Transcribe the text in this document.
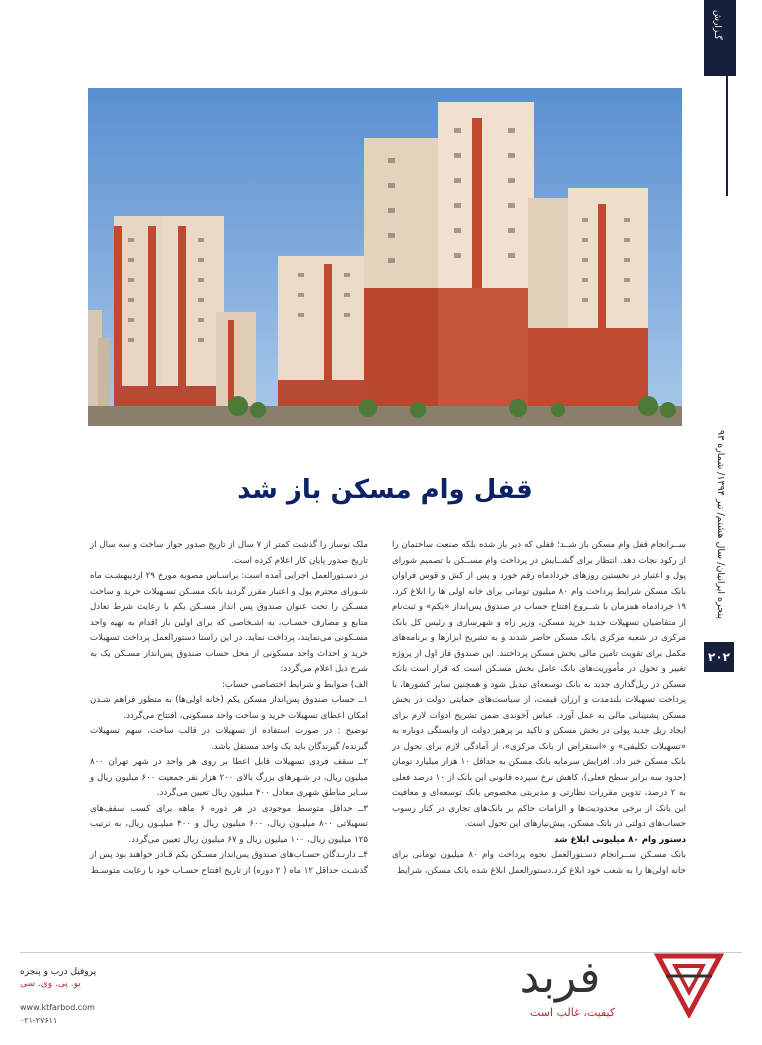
گـزارش
پنجره ایرانیان/ سال هشتم/ تیر ۱۳۹۴/ شماره ۹۳
۲۰۲
قفل وام مسکن باز شد

ســرانجام قفل وام مسکن باز شــد؛ قفلی که دیر باز شده بلکه صنعت ساختمان را از رکود نجات دهد. انتظار برای گشــایش در پرداخت وام مســکن با تصمیم شورای پول و اعتبار در نخستین روزهای خردادماه رقم خورد و پس از کش و قوس فراوان بانک مسکن شرایط پرداخت وام ۸۰ میلیون تومانی برای خانه اولی ها را ابلاغ کرد. ۱۹ خردادماه همزمان با شــروع افتتاح حساب در صندوق پس‌انداز «یکم» و ثبت‌نام از متقاضیان تسهیلات جدید خرید مسکن، وزیر راه و شهرسازی و رئیس کل بانک مرکزی در شعبه مرکزی بانک مسکن حاضر شدند و به تشریح ابزارها و برنامه‌های مکمل برای تقویت تامین مالی بخش مسکن پرداختند. این صندوق فاز اول از پروژه تغییر و تحول در مأموریت‌های بانک عامل بخش مسـکن است که قرار است بانک مسکن در ریل‌گذاری جدید به بانک توسعه‌ای تبدیل شود و همچنین سایر کشورها، با پرداخت تسهیلات بلندمدت و ارزان قیمت، از سیاست‌های حمایتی دولت در بخش مسکن پشتیبانی مالی به عمل آورد. عباس آخوندی ضمن تشریح ادوات لازم برای ایجاد ریل جدید پولی در بخش مسکن و تاکید بر پرهیز دولت از وابستگی دوباره به «تسهیلات تکلیفی» و «استقراض از بانک مرکزی»، از آمادگی لازم برای تحول در بانک مسکن خبر داد. افزایش سرمایه بانک مسکن به حداقل ۱۰ هزار میلیارد تومان (حدود سه برابر سطح فعلی)، کاهش نرخ سپرده قانونی این بانک از ۱۰ درصد فعلی به ۲ درصد، تدوین مقررات نظارتی و مدیریتی مخصوص بانک توسعه‌ای و معافیت این بانک از برخی محدودیت‌ها و الزامات حاکم بر بانک‌های تجاری در کنار رسوب حساب‌های دولتی در بانک مسکن، پیش‌نیازهای این تحول است.

دستور وام ۸۰ میلیونی ابلاغ شد

بانک مسـکن ســرانجام دسـتورالعمل نحوه پرداخت وام ۸۰ میلیون تومانی برای خانه اولی‌ها را به شعب خود ابلاغ کرد.دستورالعمل ابلاغ شده بانک مسکن، شرایط

ملک نوساز را گذشت کمتر از ۷ سال از تاریخ صدور جواز ساخت و سه سال از تاریخ صدور پایان کار اعلام کرده است.

در دسـتورالعمل اجرایی آمده است: براسـاس مصوبه مورخ ۲۹ اردیبهشـت ماه شـورای محترم پول و اعتبار مقرر گردید بانک مسـکن تسـهیلات خرید و ساخت مسـکن را تحت عنوان صندوق پس انداز مسـکن یکم با رعایت شرط تعادل منابع و مصارف حسـاب، به اشـخاصی که برای اولین بار اقدام به تهیه واحد مسـکونی می‌نمایند، پرداخت نماید. در این راستا دستورالعمل پرداخت تسهیلات خرید و احداث واحد مسکونی از محل حساب صندوق پس‌انداز مسـکن یک به شرح ذیل اعلام می‌گردد:

الف) ضوابط و شرایط اختصاصی حساب:

۱ــ حساب صندوق پس‌انداز مسکن یکم (خانه اولی‌ها) به منظور فراهم شـدن امکان اعطای تسهیلات خرید و ساخت واحد مسکونی، افتتاح می‌گردد.

توضیح : در صورت استفاده از تسهیلات در قالب ساخت، سهم تسهیلات گیرنده/ گیرندگان باید یک واحد مستقل باشد.

۲ــ سقف فردی تسهیلات قابل اعطا بر روی هر واحد در شهر تهران ۸۰۰ میلیون ریال، در شـهرهای بزرگ بالای ۲۰۰ هزار نفر جمعیت ۶۰۰ میلیون ریال و سـایر مناطق شهری معادل ۴۰۰ میلیون ریال تعیین می‌گردد.

۳ــ حداقل متوسط موجودی در هر دوره ۶ ماهه برای کسب سقف‌های تسهیلاتی ۸۰۰ میلیـون ریال، ۶۰۰ میلیون ریال و ۴۰۰ میلیـون ریال، به ترتیب ۱۲۵ میلیون ریال، ۱۰۰ میلیون ریال و ۶۷ میلیون ریال تعیین می‌گردد.

۴ــ دارنـدگان حسـاب‌های صندوق پس‌انداز مسـکن یکم قـادر خواهند بود پس از گذشـت حداقل ۱۲ ماه ( ۲ دوره) از تاریخ افتتاح حسـاب خود با رعایت متوسـط

پروفیل درب و پنجره
یو. پی. وی. سی
www.ktfarbod.com
۰۲۱-۲۷۶۱۱
فربد
کیفیت، غالب است
